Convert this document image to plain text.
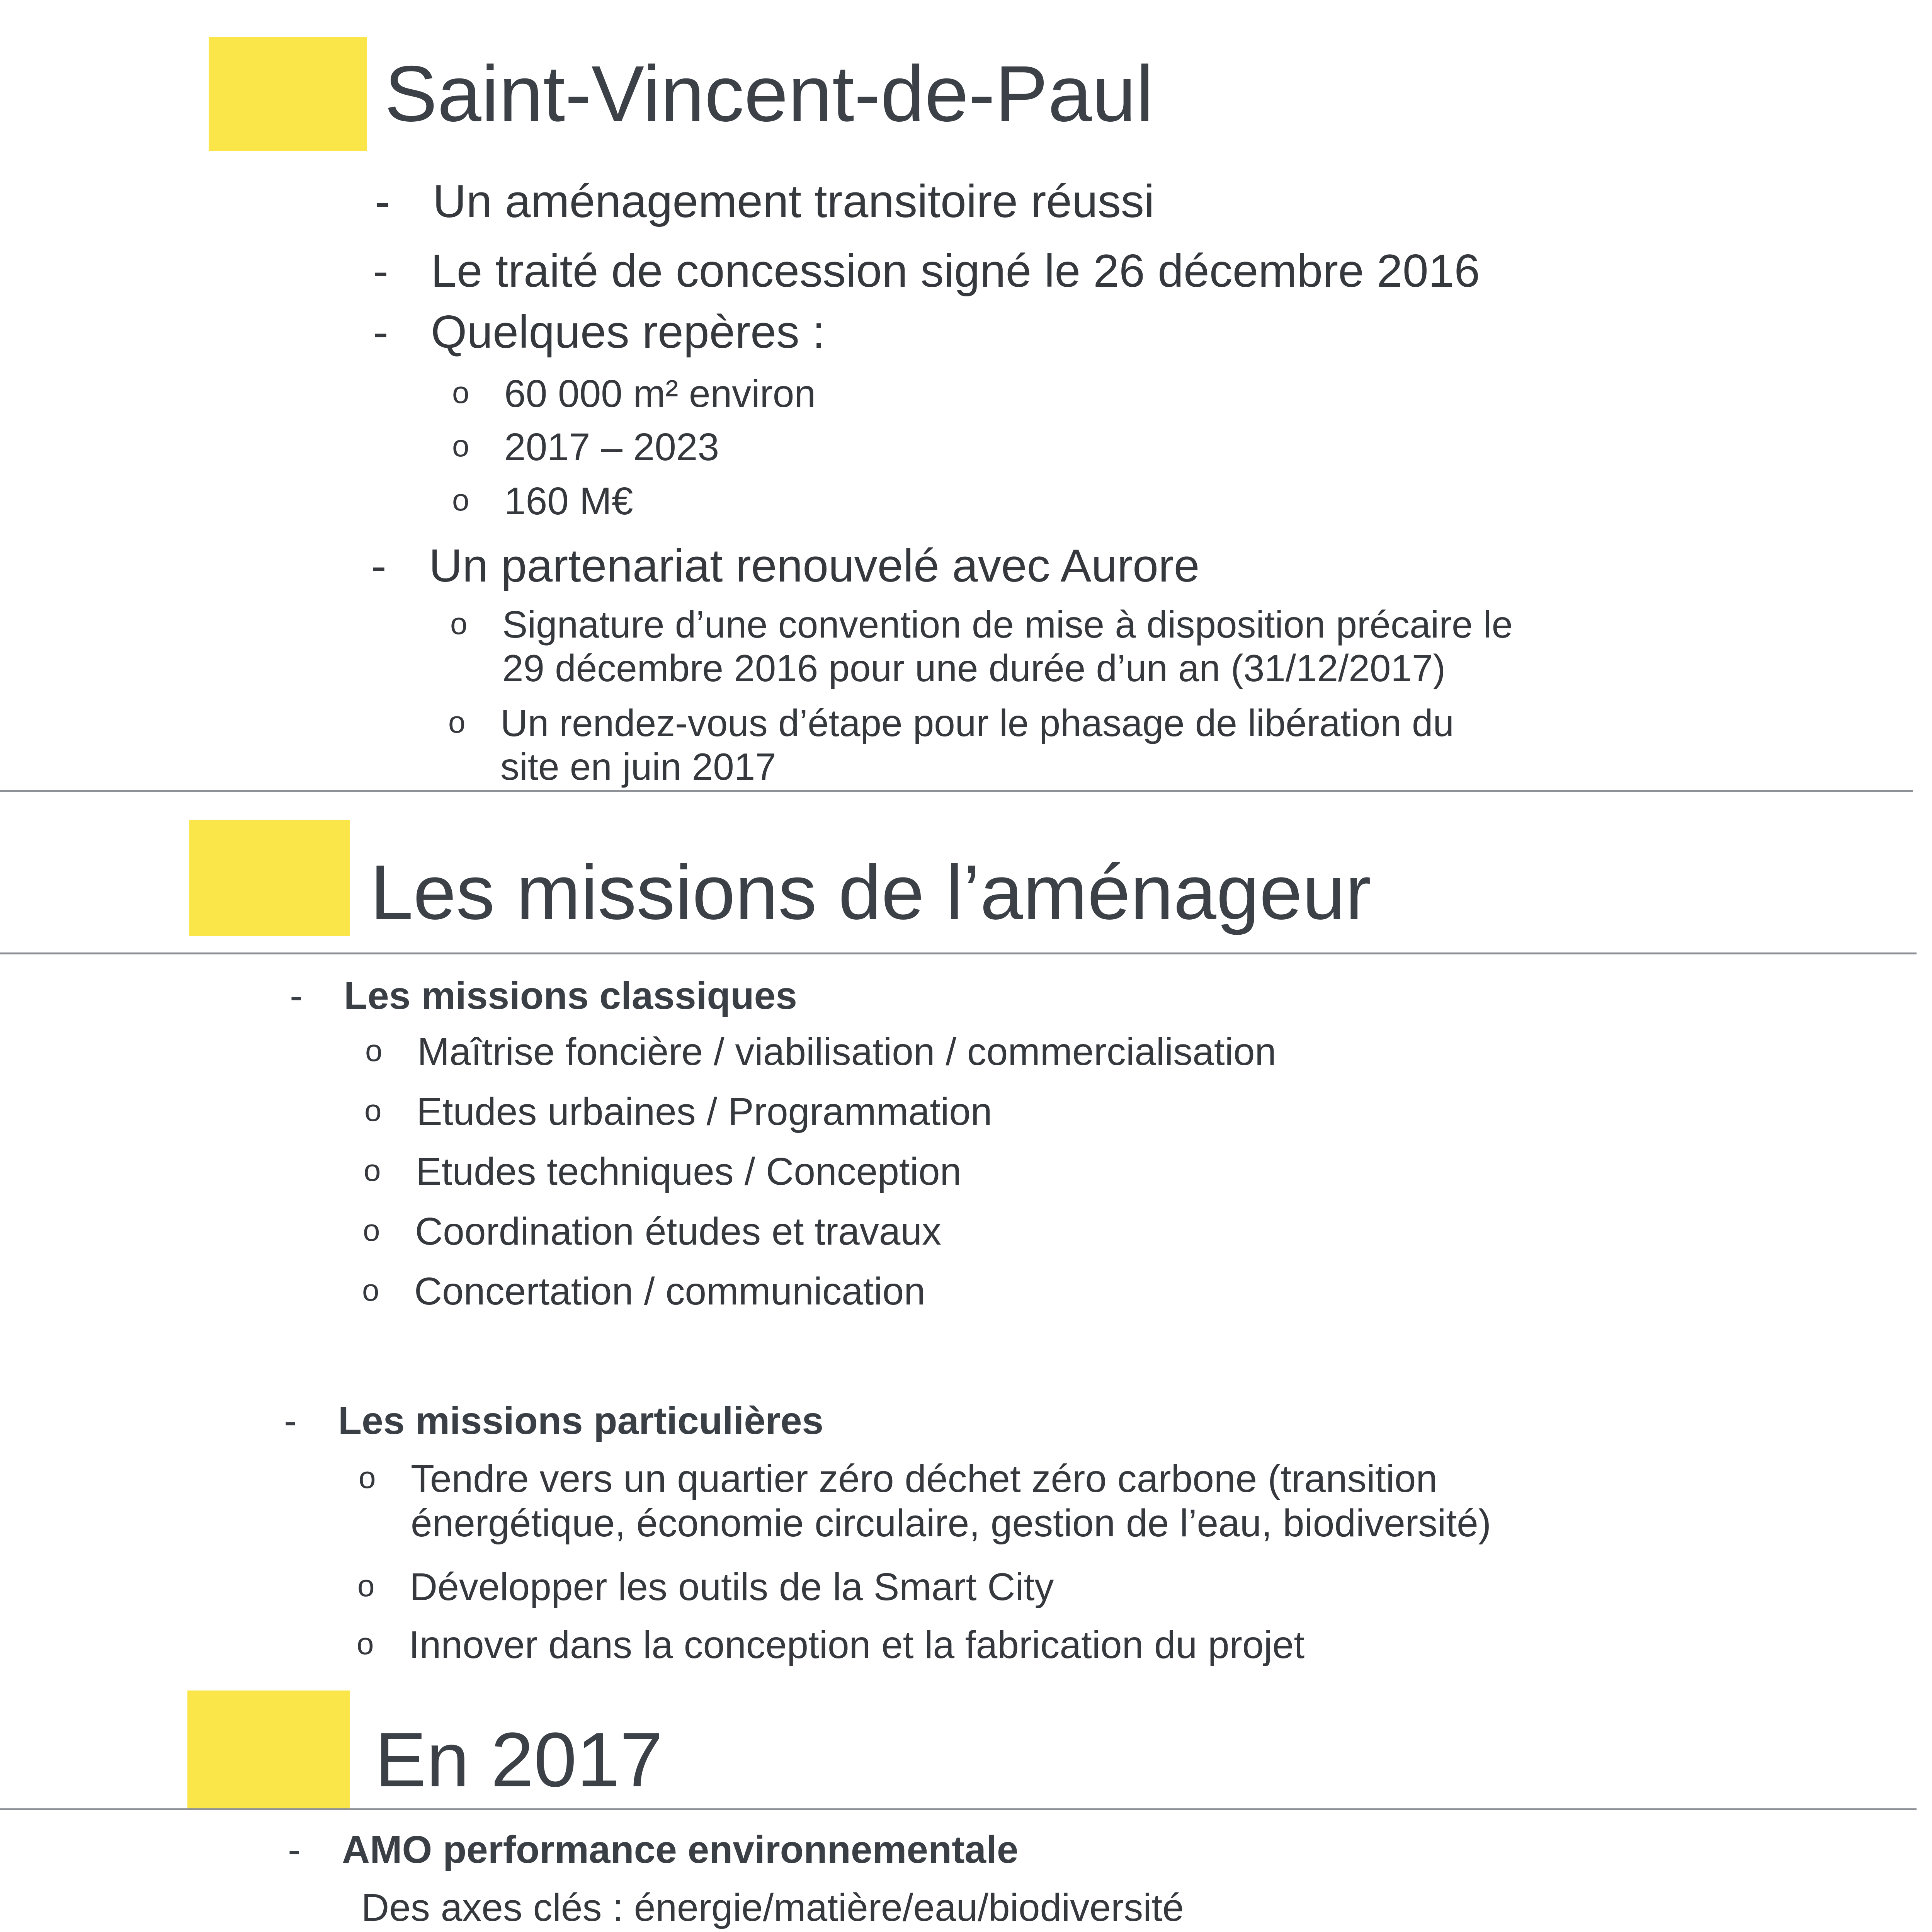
Saint-Vincent-de-Paul
- Un aménagement transitoire réussi
- Le traité de concession signé le 26 décembre 2016
- Quelques repères :
o 60 000 m² environ
o 2017 – 2023
o 160 M€
- Un partenariat renouvelé avec Aurore
o Signature d’une convention de mise à disposition précaire le
29 décembre 2016 pour une durée d’un an (31/12/2017)
o Un rendez-vous d’étape pour le phasage de libération du
site en juin 2017
Les missions de l’aménageur
- Les missions classiques
o Maîtrise foncière / viabilisation / commercialisation
o Etudes urbaines / Programmation
o Etudes techniques / Conception
o Coordination études et travaux
o Concertation / communication
- Les missions particulières
o Tendre vers un quartier zéro déchet zéro carbone (transition
énergétique, économie circulaire, gestion de l’eau, biodiversité)
o Développer les outils de la Smart City
o Innover dans la conception et la fabrication du projet
En 2017
- AMO performance environnementale
Des axes clés : énergie/matière/eau/biodiversité
